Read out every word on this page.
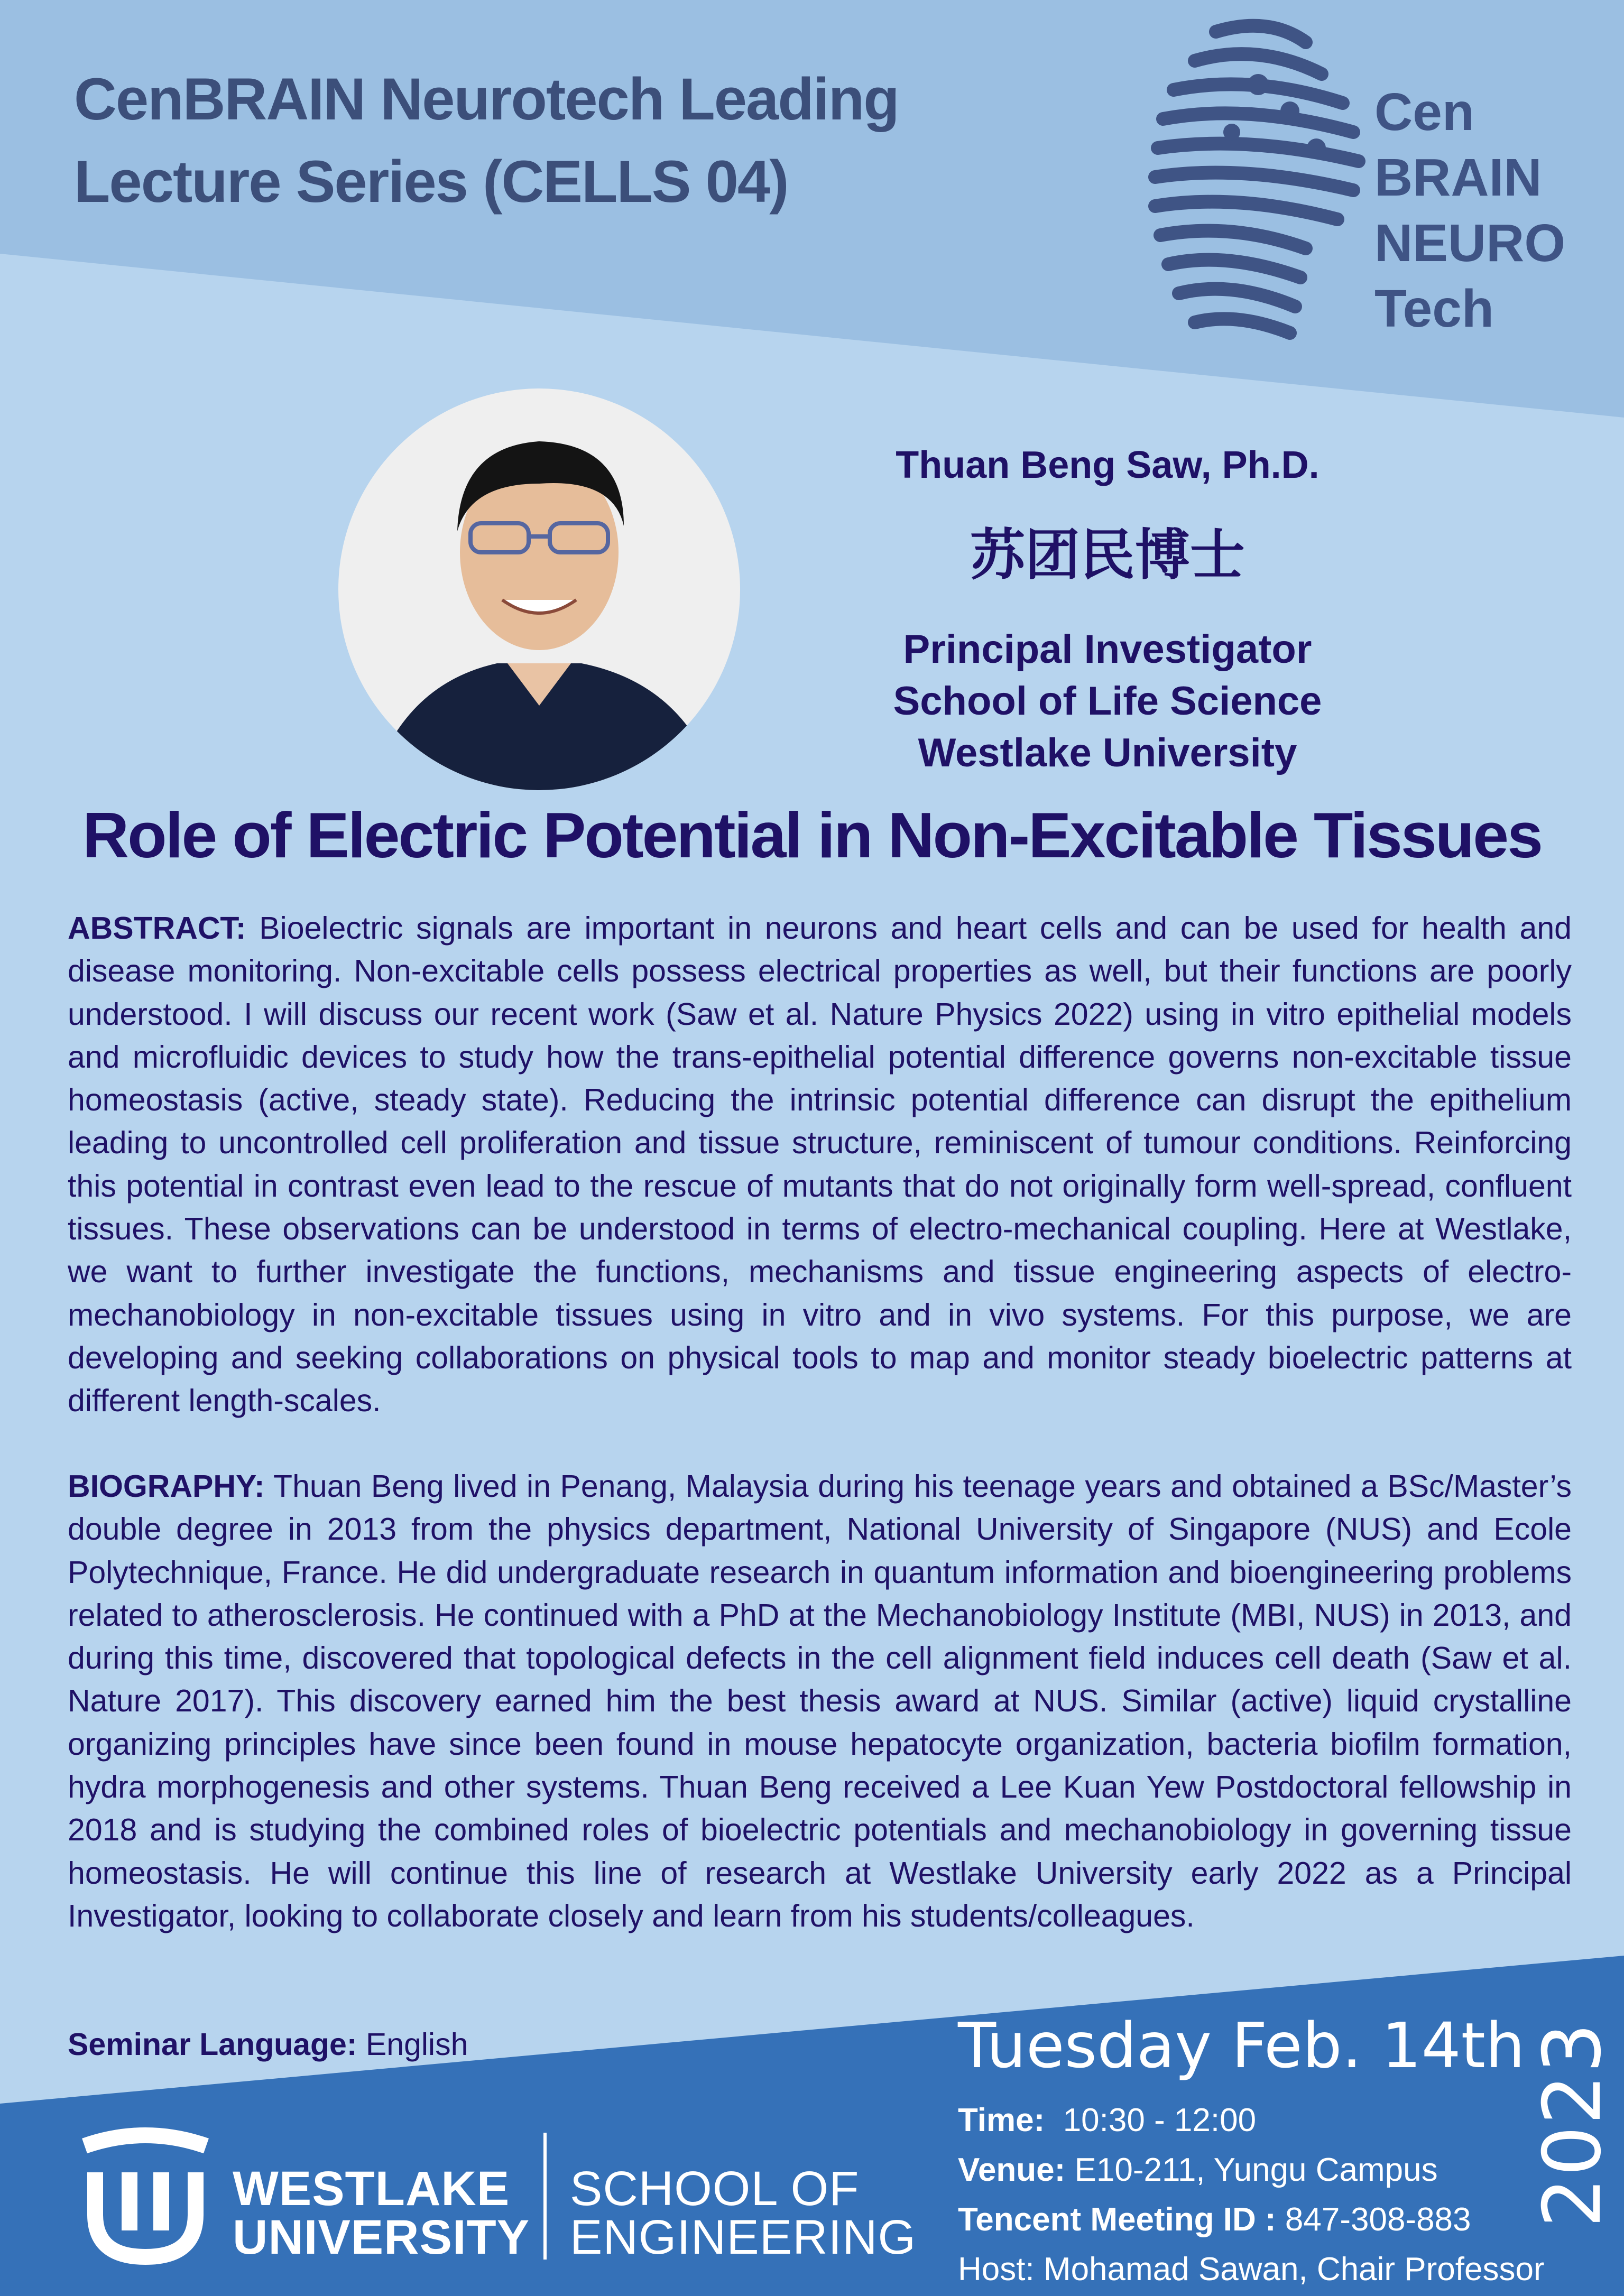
CenBRAIN Neurotech Leading Lecture Series (CELLS 04)
Cen
BRAIN
NEURO
Tech
Thuan Beng Saw, Ph.D.
苏团民博士
Principal Investigator
School of Life Science
Westlake University
Role of Electric Potential in Non-Excitable Tissues
ABSTRACT: Bioelectric signals are important in neurons and heart cells and can be used for health and disease monitoring. Non-excitable cells possess electrical properties as well, but their functions are poorly understood. I will discuss our recent work (Saw et al. Nature Physics 2022) using in vitro epithelial models and microfluidic devices to study how the trans-epithelial potential difference governs non-excitable tissue homeostasis (active, steady state). Reducing the intrinsic potential difference can disrupt the epithelium leading to uncontrolled cell proliferation and tissue structure, reminiscent of tumour conditions. Reinforcing this potential in contrast even lead to the rescue of mutants that do not originally form well-spread, confluent tissues. These observations can be understood in terms of electro-mechanical coupling. Here at Westlake, we want to further investigate the functions, mechanisms and tissue engineering aspects of electro-mechanobiology in non-excitable tissues using in vitro and in vivo systems. For this purpose, we are developing and seeking collaborations on physical tools to map and monitor steady bioelectric patterns at different length-scales.
BIOGRAPHY: Thuan Beng lived in Penang, Malaysia during his teenage years and obtained a BSc/Master’s double degree in 2013 from the physics department, National University of Singapore (NUS) and Ecole Polytechnique, France. He did undergraduate research in quantum information and bioengineering problems related to atherosclerosis. He continued with a PhD at the Mechanobiology Institute (MBI, NUS) in 2013, and during this time, discovered that topological defects in the cell alignment field induces cell death (Saw et al. Nature 2017). This discovery earned him the best thesis award at NUS. Similar (active) liquid crystalline organizing principles have since been found in mouse hepatocyte organization, bacteria biofilm formation, hydra morphogenesis and other systems. Thuan Beng received a Lee Kuan Yew Postdoctoral fellowship in 2018 and is studying the combined roles of bioelectric potentials and mechanobiology in governing tissue homeostasis. He will continue this line of research at Westlake University early 2022 as a Principal Investigator, looking to collaborate closely and learn from his students/colleagues.
Seminar Language: English	Tuesday Feb. 14th 2023
Time: 10:30 - 12:00
Venue: E10-211, Yungu Campus
Tencent Meeting ID : 847-308-883
Host: Mohamad Sawan, Chair Professor
WESTLAKE
UNIVERSITY
SCHOOL OF
ENGINEERING
